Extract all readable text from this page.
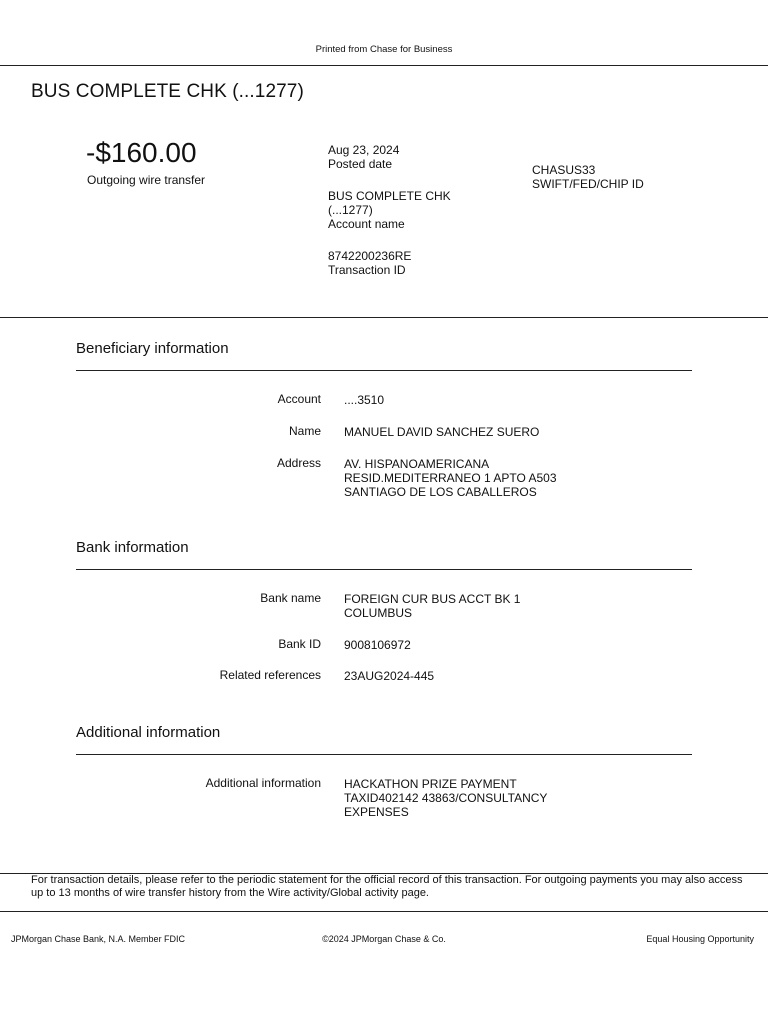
Printed from Chase for Business
BUS COMPLETE CHK (...1277)
-$160.00
Outgoing wire transfer
Aug 23, 2024
Posted date
BUS COMPLETE CHK
(...1277)
Account name
8742200236RE
Transaction ID
CHASUS33
SWIFT/FED/CHIP ID
Beneficiary information
Account ....3510
Name MANUEL DAVID SANCHEZ SUERO
Address AV. HISPANOAMERICANA
RESID.MEDITERRANEO 1 APTO A503
SANTIAGO DE LOS CABALLEROS
Bank information
Bank name FOREIGN CUR BUS ACCT BK 1
COLUMBUS
Bank ID 9008106972
Related references 23AUG2024-445
Additional information
Additional information HACKATHON PRIZE PAYMENT
TAXID402142 43863/CONSULTANCY
EXPENSES
For transaction details, please refer to the periodic statement for the official record of this transaction. For outgoing payments you may also access up to 13 months of wire transfer history from the Wire activity/Global activity page.
JPMorgan Chase Bank, N.A. Member FDIC	©2024 JPMorgan Chase & Co.	Equal Housing Opportunity
